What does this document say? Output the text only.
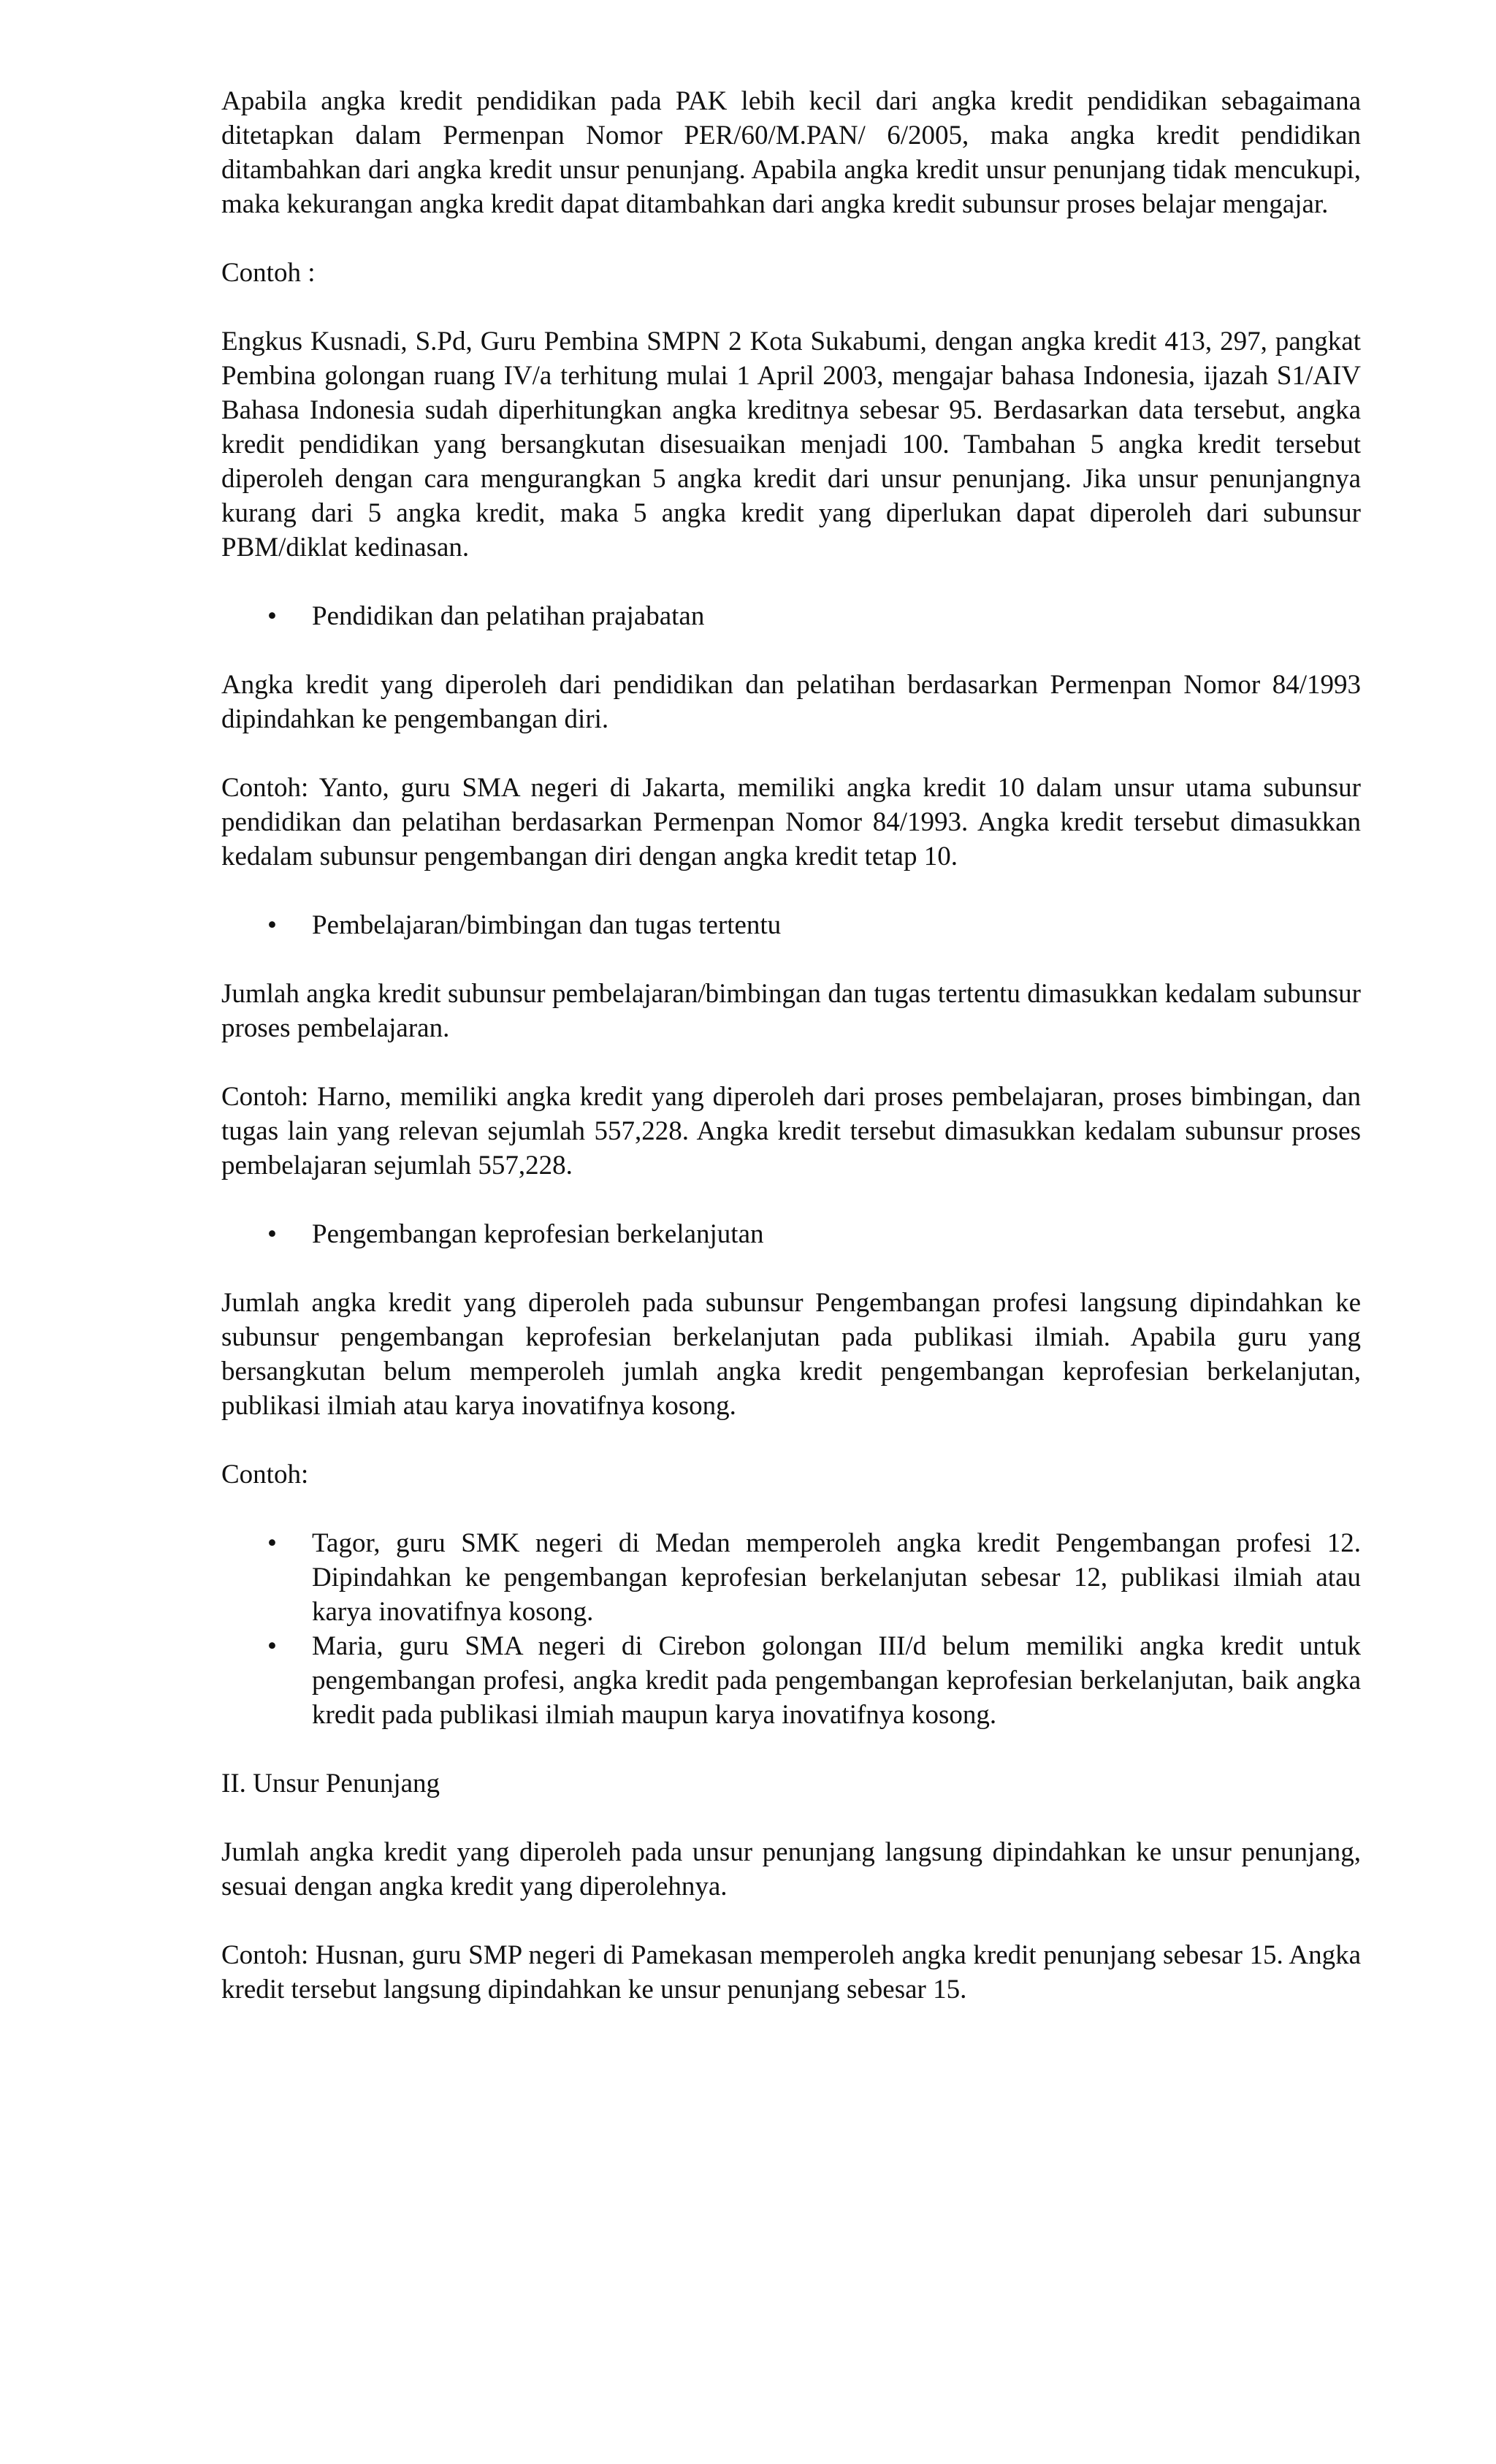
Apabila angka kredit pendidikan pada PAK lebih kecil dari angka kredit pendidikan sebagaimana ditetapkan dalam Permenpan Nomor PER/60/M.PAN/ 6/2005, maka angka kredit pendidikan ditambahkan dari angka kredit unsur penunjang. Apabila angka kredit unsur penunjang tidak mencukupi, maka kekurangan angka kredit dapat ditambahkan dari angka kredit subunsur proses belajar mengajar.

Contoh :

Engkus Kusnadi, S.Pd, Guru Pembina SMPN 2 Kota Sukabumi, dengan angka kredit 413, 297, pangkat Pembina golongan ruang IV/a terhitung mulai 1 April 2003, mengajar bahasa Indonesia, ijazah S1/AIV Bahasa Indonesia sudah diperhitungkan angka kreditnya sebesar 95. Berdasarkan data tersebut, angka kredit pendidikan yang bersangkutan disesuaikan menjadi 100. Tambahan 5 angka kredit tersebut diperoleh dengan cara mengurangkan 5 angka kredit dari unsur penunjang. Jika unsur penunjangnya kurang dari 5 angka kredit, maka 5 angka kredit yang diperlukan dapat diperoleh dari subunsur PBM/diklat kedinasan.

• Pendidikan dan pelatihan prajabatan

Angka kredit yang diperoleh dari pendidikan dan pelatihan berdasarkan Permenpan Nomor 84/1993 dipindahkan ke pengembangan diri.

Contoh: Yanto, guru SMA negeri di Jakarta, memiliki angka kredit 10 dalam unsur utama subunsur pendidikan dan pelatihan berdasarkan Permenpan Nomor 84/1993. Angka kredit tersebut dimasukkan kedalam subunsur pengembangan diri dengan angka kredit tetap 10.

• Pembelajaran/bimbingan dan tugas tertentu

Jumlah angka kredit subunsur pembelajaran/bimbingan dan tugas tertentu dimasukkan kedalam subunsur proses pembelajaran.

Contoh: Harno, memiliki angka kredit yang diperoleh dari proses pembelajaran, proses bimbingan, dan tugas lain yang relevan sejumlah 557,228. Angka kredit tersebut dimasukkan kedalam subunsur proses pembelajaran sejumlah 557,228.

• Pengembangan keprofesian berkelanjutan

Jumlah angka kredit yang diperoleh pada subunsur Pengembangan profesi langsung dipindahkan ke subunsur pengembangan keprofesian berkelanjutan pada publikasi ilmiah. Apabila guru yang bersangkutan belum memperoleh jumlah angka kredit pengembangan keprofesian berkelanjutan, publikasi ilmiah atau karya inovatifnya kosong.

Contoh:

• Tagor, guru SMK negeri di Medan memperoleh angka kredit Pengembangan profesi 12. Dipindahkan ke pengembangan keprofesian berkelanjutan sebesar 12, publikasi ilmiah atau karya inovatifnya kosong.
• Maria, guru SMA negeri di Cirebon golongan III/d belum memiliki angka kredit untuk pengembangan profesi, angka kredit pada pengembangan keprofesian berkelanjutan, baik angka kredit pada publikasi ilmiah maupun karya inovatifnya kosong.

II. Unsur Penunjang

Jumlah angka kredit yang diperoleh pada unsur penunjang langsung dipindahkan ke unsur penunjang, sesuai dengan angka kredit yang diperolehnya.

Contoh: Husnan, guru SMP negeri di Pamekasan memperoleh angka kredit penunjang sebesar 15. Angka kredit tersebut langsung dipindahkan ke unsur penunjang sebesar 15.
